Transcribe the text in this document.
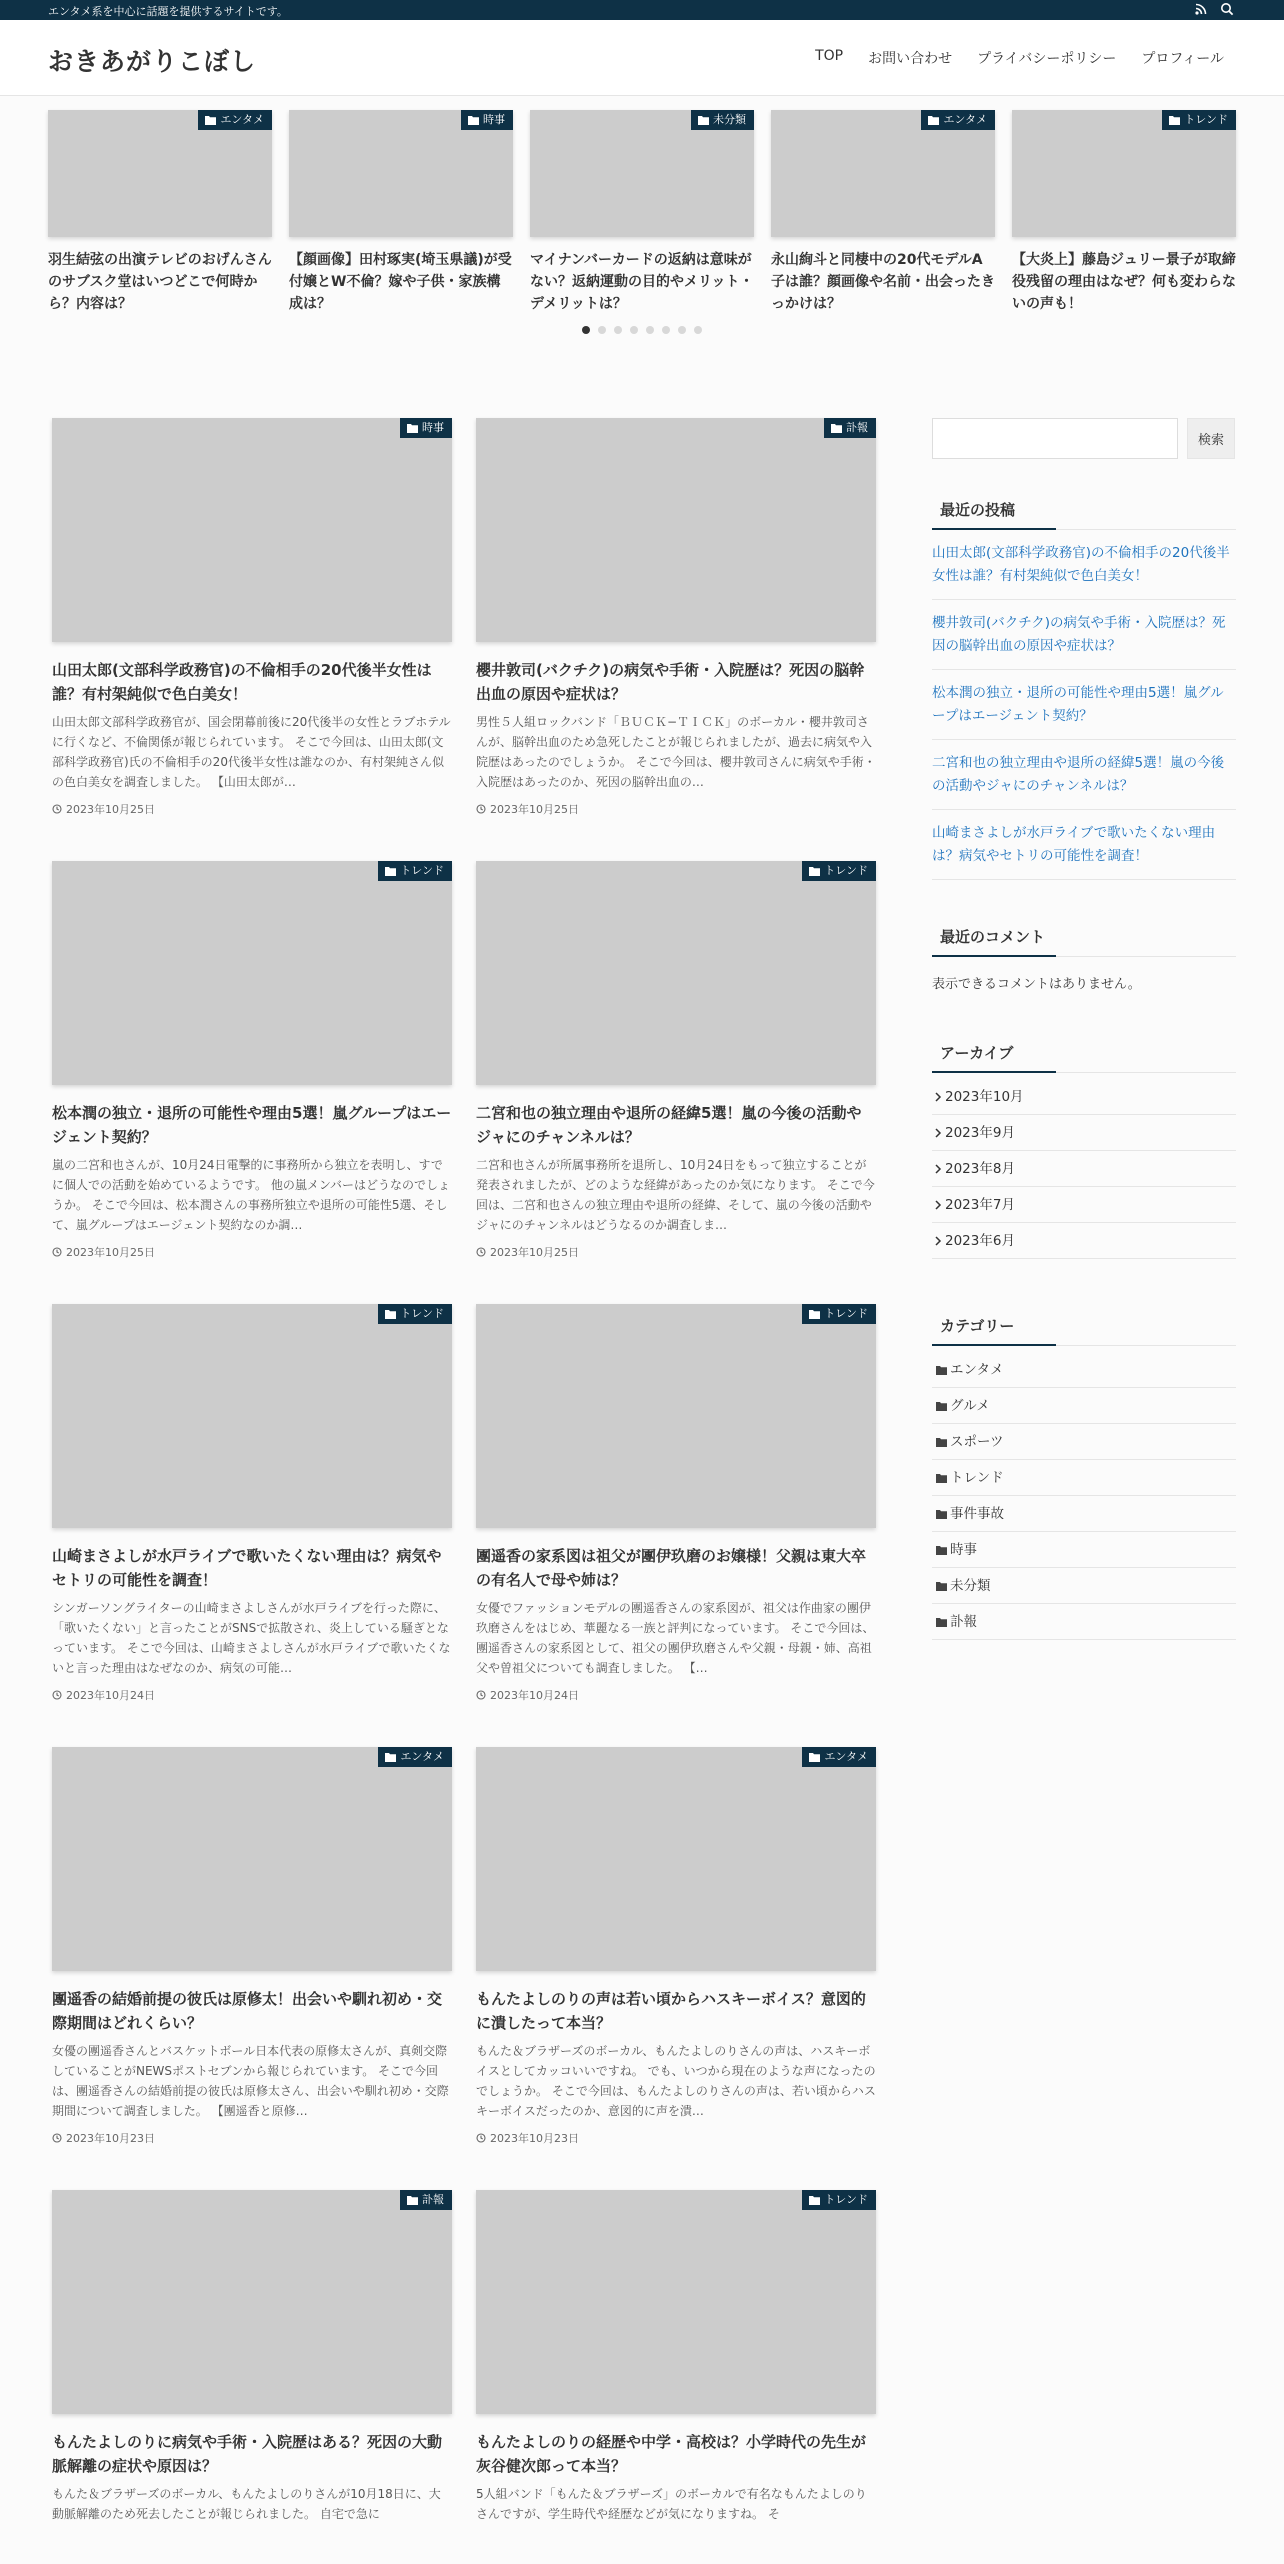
エンタメ系を中心に話題を提供するサイトです。
おきあがりこぼし	TOP お問い合わせ プライバシーポリシー プロフィール
エンタメ
羽生結弦の出演テレビのおげんさんのサブスク堂はいつどこで何時から？内容は？
時事
【顔画像】田村琢実(埼玉県議)が受付嬢とW不倫？嫁や子供・家族構成は？
未分類
マイナンバーカードの返納は意味がない？返納運動の目的やメリット・デメリットは？
エンタメ
永山絢斗と同棲中の20代モデルA子は誰？顔画像や名前・出会ったきっかけは？
トレンド
【大炎上】藤島ジュリー景子が取締役残留の理由はなぜ？何も変わらないの声も！
時事
山田太郎(文部科学政務官)の不倫相手の20代後半女性は誰？有村架純似で色白美女！
山田太郎文部科学政務官が、国会閉幕前後に20代後半の女性とラブホテルに行くなど、不倫関係が報じられています。 そこで今回は、山田太郎(文部科学政務官)氏の不倫相手の20代後半女性は誰なのか、有村架純さん似の色白美女を調査しました。 【山田太郎が…
2023年10月25日
訃報
櫻井敦司(バクチク)の病気や手術・入院歴は？死因の脳幹出血の原因や症状は？
男性５人組ロックバンド「ＢＵＣＫ−ＴＩＣＫ」のボーカル・櫻井敦司さんが、脳幹出血のため急死したことが報じられましたが、過去に病気や入院歴はあったのでしょうか。 そこで今回は、櫻井敦司さんに病気や手術・入院歴はあったのか、死因の脳幹出血の…
2023年10月25日
トレンド
松本潤の独立・退所の可能性や理由5選！嵐グループはエージェント契約？
嵐の二宮和也さんが、10月24日電撃的に事務所から独立を表明し、すでに個人での活動を始めているようです。 他の嵐メンバーはどうなのでしょうか。 そこで今回は、松本潤さんの事務所独立や退所の可能性5選、そして、嵐グループはエージェント契約なのか調…
2023年10月25日
トレンド
二宮和也の独立理由や退所の経緯5選！嵐の今後の活動やジャにのチャンネルは？
二宮和也さんが所属事務所を退所し、10月24日をもって独立することが発表されましたが、どのような経緯があったのか気になります。 そこで今回は、二宮和也さんの独立理由や退所の経緯、そして、嵐の今後の活動やジャにのチャンネルはどうなるのか調査しま…
2023年10月25日
トレンド
山崎まさよしが水戸ライブで歌いたくない理由は？病気やセトリの可能性を調査！
シンガーソングライターの山崎まさよしさんが水戸ライブを行った際に、「歌いたくない」と言ったことがSNSで拡散され、炎上している騒ぎとなっています。 そこで今回は、山崎まさよしさんが水戸ライブで歌いたくないと言った理由はなぜなのか、病気の可能…
2023年10月24日
トレンド
團遥香の家系図は祖父が團伊玖磨のお嬢様！父親は東大卒の有名人で母や姉は？
女優でファッションモデルの團遥香さんの家系図が、祖父は作曲家の團伊玖磨さんをはじめ、華麗なる一族と評判になっています。 そこで今回は、團遥香さんの家系図として、祖父の團伊玖磨さんや父親・母親・姉、高祖父や曽祖父についても調査しました。 【…
2023年10月24日
エンタメ
團遥香の結婚前提の彼氏は原修太！出会いや馴れ初め・交際期間はどれくらい？
女優の團遥香さんとバスケットボール日本代表の原修太さんが、真剣交際していることがNEWSポストセブンから報じられています。 そこで今回は、團遥香さんの結婚前提の彼氏は原修太さん、出会いや馴れ初め・交際期間について調査しました。 【團遥香と原修…
2023年10月23日
エンタメ
もんたよしのりの声は若い頃からハスキーボイス？意図的に潰したって本当？
もんた＆ブラザーズのボーカル、もんたよしのりさんの声は、ハスキーボイスとしてカッコいいですね。 でも、いつから現在のような声になったのでしょうか。 そこで今回は、もんたよしのりさんの声は、若い頃からハスキーボイスだったのか、意図的に声を潰…
2023年10月23日
訃報
もんたよしのりに病気や手術・入院歴はある？死因の大動脈解離の症状や原因は？
もんた＆ブラザーズのボーカル、もんたよしのりさんが10月18日に、大動脈解離のため死去したことが報じられました。 自宅で急に
トレンド
もんたよしのりの経歴や中学・高校は？小学時代の先生が灰谷健次郎って本当？
5人組バンド「もんた＆ブラザーズ」のボーカルで有名なもんたよしのりさんですが、学生時代や経歴などが気になりますね。 そ
検索
最近の投稿
山田太郎(文部科学政務官)の不倫相手の20代後半女性は誰？有村架純似で色白美女！
櫻井敦司(バクチク)の病気や手術・入院歴は？死因の脳幹出血の原因や症状は？
松本潤の独立・退所の可能性や理由5選！嵐グループはエージェント契約？
二宮和也の独立理由や退所の経緯5選！嵐の今後の活動やジャにのチャンネルは？
山崎まさよしが水戸ライブで歌いたくない理由は？病気やセトリの可能性を調査！
最近のコメント
表示できるコメントはありません。
アーカイブ
2023年10月
2023年9月
2023年8月
2023年7月
2023年6月
カテゴリー
エンタメ
グルメ
スポーツ
トレンド
事件事故
時事
未分類
訃報
